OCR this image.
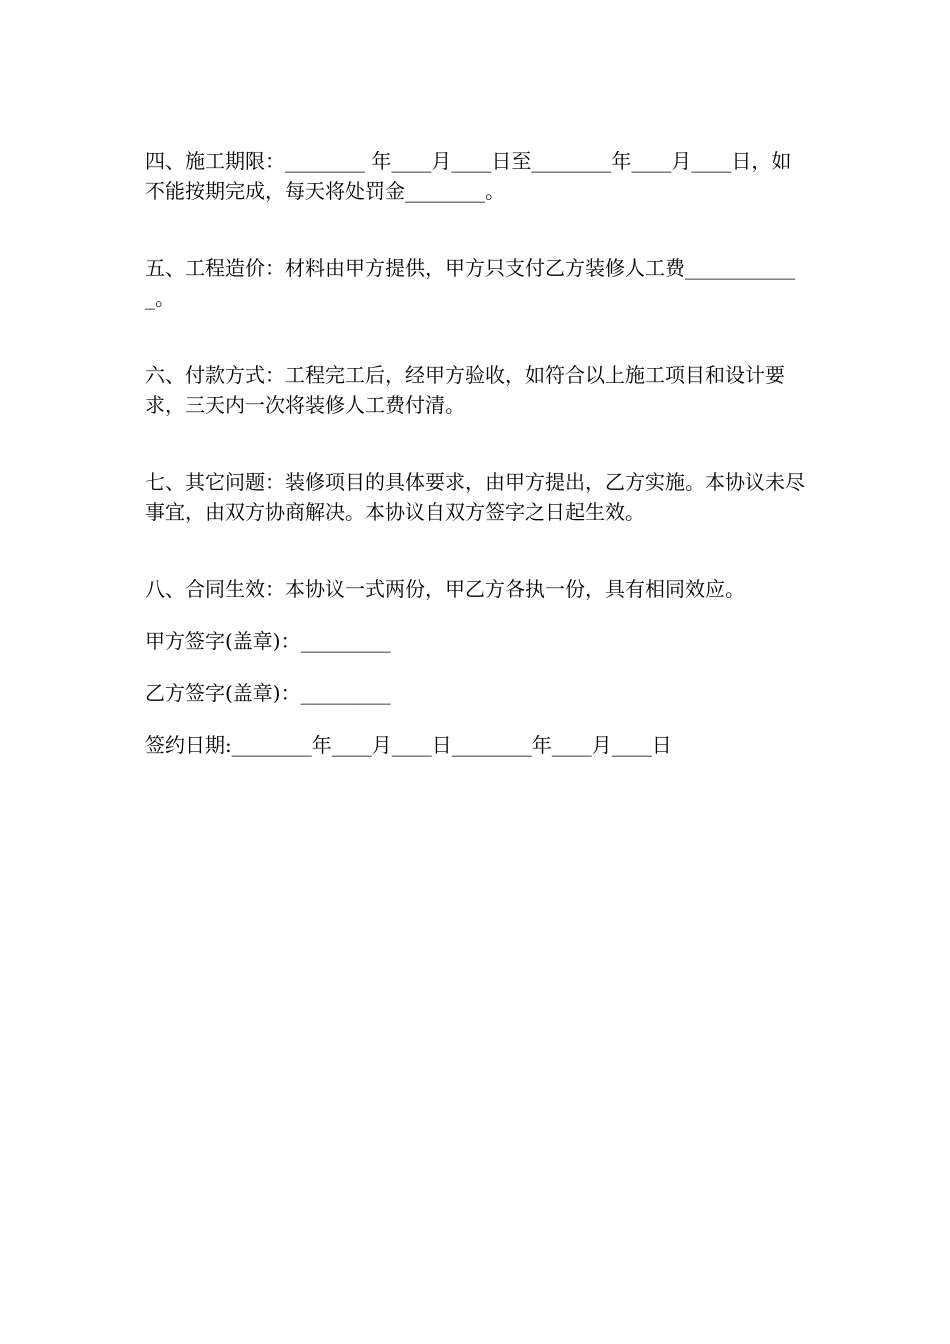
四、施工期限：________ 年____月____日至________年____月____日，如不能按期完成，每天将处罚金________。

五、工程造价：材料由甲方提供，甲方只支付乙方装修人工费____________。

六、付款方式：工程完工后，经甲方验收，如符合以上施工项目和设计要求，三天内一次将装修人工费付清。

七、其它问题：装修项目的具体要求，由甲方提出，乙方实施。本协议未尽事宜，由双方协商解决。本协议自双方签字之日起生效。

八、合同生效：本协议一式两份，甲乙方各执一份，具有相同效应。

甲方签字(盖章)：_________

乙方签字(盖章)：_________

签约日期:________年____月____日________年____月____日
